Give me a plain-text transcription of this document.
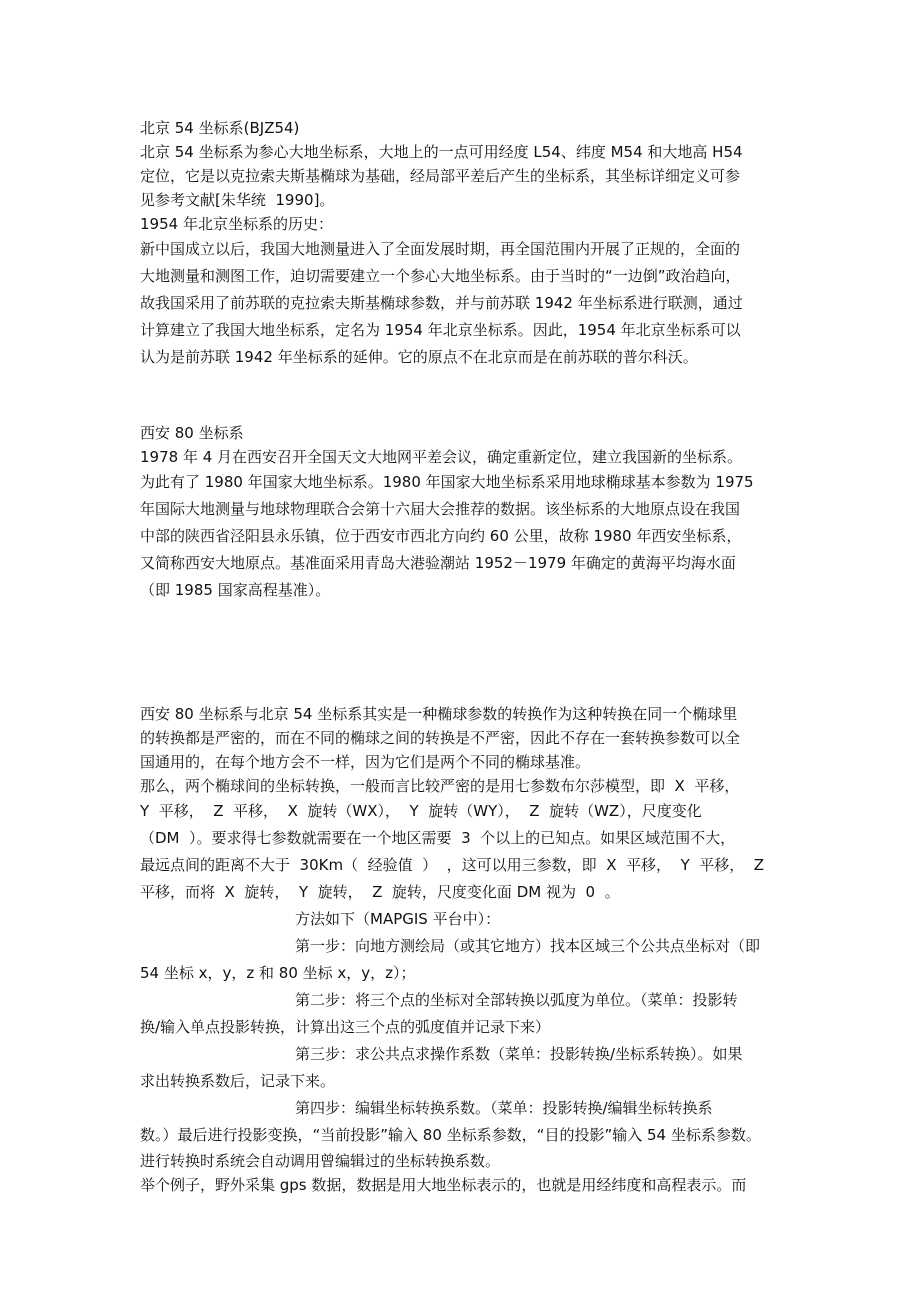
北京 54 坐标系(BJZ54)
北京 54 坐标系为参心大地坐标系，大地上的一点可用经度 L54、纬度 M54 和大地高 H54
定位，它是以克拉索夫斯基椭球为基础，经局部平差后产生的坐标系，其坐标详细定义可参
见参考文献[朱华统  1990]。
1954 年北京坐标系的历史：
新中国成立以后，我国大地测量进入了全面发展时期，再全国范围内开展了正规的，全面的
大地测量和测图工作，迫切需要建立一个参心大地坐标系。由于当时的“一边倒”政治趋向，
故我国采用了前苏联的克拉索夫斯基椭球参数，并与前苏联 1942 年坐标系进行联测，通过
计算建立了我国大地坐标系，定名为 1954 年北京坐标系。因此，1954 年北京坐标系可以
认为是前苏联 1942 年坐标系的延伸。它的原点不在北京而是在前苏联的普尔科沃。
西安 80 坐标系
1978 年 4 月在西安召开全国天文大地网平差会议，确定重新定位，建立我国新的坐标系。
为此有了 1980 年国家大地坐标系。1980 年国家大地坐标系采用地球椭球基本参数为 1975
年国际大地测量与地球物理联合会第十六届大会推荐的数据。该坐标系的大地原点设在我国
中部的陕西省泾阳县永乐镇，位于西安市西北方向约 60 公里，故称 1980 年西安坐标系，
又简称西安大地原点。基准面采用青岛大港验潮站 1952－1979 年确定的黄海平均海水面
（即 1985 国家高程基准）。
西安 80 坐标系与北京 54 坐标系其实是一种椭球参数的转换作为这种转换在同一个椭球里
的转换都是严密的，而在不同的椭球之间的转换是不严密，因此不存在一套转换参数可以全
国通用的，在每个地方会不一样，因为它们是两个不同的椭球基准。
那么，两个椭球间的坐标转换，一般而言比较严密的是用七参数布尔莎模型，即  X  平移，
Y  平移，  Z  平移，  X  旋转（WX），  Y  旋转（WY），  Z  旋转（WZ），尺度变化
（DM  ）。要求得七参数就需要在一个地区需要  3  个以上的已知点。如果区域范围不大，
最远点间的距离不大于  30Km（  经验值  ）  ，这可以用三参数，即  X  平移，  Y  平移，  Z
平移，而将  X  旋转，  Y  旋转，  Z  旋转，尺度变化面 DM 视为  0  。
方法如下（MAPGIS 平台中）：
第一步：向地方测绘局（或其它地方）找本区域三个公共点坐标对（即
54 坐标 x，y，z 和 80 坐标 x，y，z）；
第二步：将三个点的坐标对全部转换以弧度为单位。（菜单：投影转
换/输入单点投影转换，计算出这三个点的弧度值并记录下来）
第三步：求公共点求操作系数（菜单：投影转换/坐标系转换）。如果
求出转换系数后，记录下来。
第四步：编辑坐标转换系数。（菜单：投影转换/编辑坐标转换系
数。）最后进行投影变换，“当前投影”输入 80 坐标系参数，“目的投影”输入 54 坐标系参数。
进行转换时系统会自动调用曾编辑过的坐标转换系数。
举个例子，野外采集 gps 数据，数据是用大地坐标表示的，也就是用经纬度和高程表示。而
